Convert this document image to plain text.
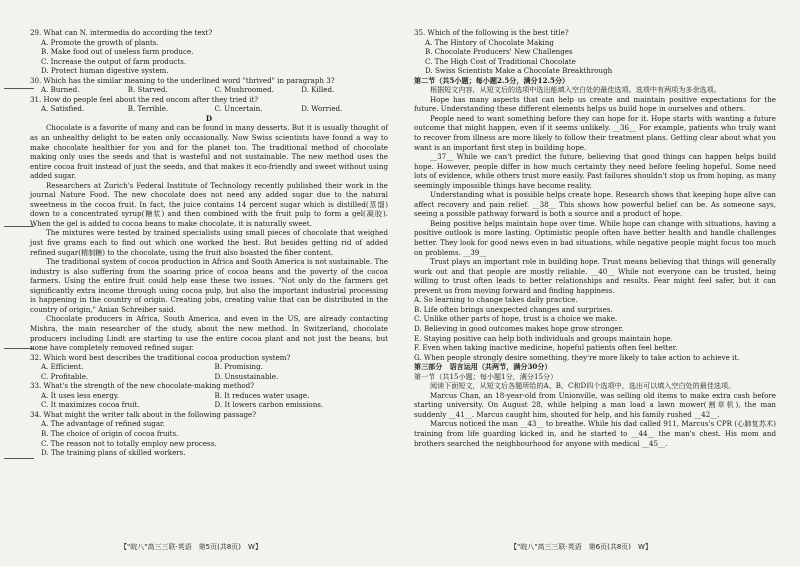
29. What can N. intermedia do according the text?

A. Promote the growth of plants.

B. Make food out of useless farm produce.

C. Increase the output of farm products.

D. Protect human digestive system.

30. Which has the similar meaning to the underlined word "thrived" in paragraph 3?

A. Burned.	B. Starved.	C. Mushroomed.	D. Killed.

31. How do people feel about the red oncom after they tried it?

A. Satisfied.	B. Terrible.	C. Uncertain.	D. Worried.

D

Chocolate is a favorite of many and can be found in many desserts. But it is usually thought of as an unhealthy delight to be eaten only occasionally. Now Swiss scientists have found a way to make chocolate healthier for you and for the planet too. The traditional method of chocolate making only uses the seeds and that is wasteful and not sustainable. The new method uses the entire cocoa fruit instead of just the seeds, and that makes it eco-friendly and sweet without using added sugar.

Researchers at Zurich's Federal Institute of Technology recently published their work in the journal Nature Food. The new chocolate does not need any added sugar due to the natural sweetness in the cocoa fruit. In fact, the juice contains 14 percent sugar which is distilled(蒸馏) down to a concentrated syrup(糖浆) and then combined with the fruit pulp to form a gel(凝胶). When the gel is added to cocoa beans to make chocolate, it is naturally sweet.

The mixtures were tested by trained specialists using small pieces of chocolate that weighed just five grams each to find out which one worked the best. But besides getting rid of added refined sugar(精制糖) to the chocolate, using the fruit also boasted the fiber content.

The traditional system of cocoa production in Africa and South America is not sustainable. The industry is also suffering from the soaring price of cocoa beans and the poverty of the cocoa farmers. Using the entire fruit could help ease these two issues. "Not only do the farmers get significantly extra income through using cocoa pulp, but also the important industrial processing is happening in the country of origin. Creating jobs, creating value that can be distributed in the country of origin," Anian Schreiber said.

Chocolate producers in Africa, South America, and even in the US, are already contacting Mishra, the main researcher of the study, about the new method. In Switzerland, chocolate producers including Lindt are starting to use the entire cocoa plant and not just the beans, but none have completely removed refined sugar.

32. Which word best describes the traditional cocoa production system?

A. Efficient.	B. Promising.
C. Profitable.	D. Unsustainable.

33. What's the strength of the new chocolate-making method?

A. It uses less energy.	B. It reduces water usage.
C. It maximizes cocoa fruit.	D. It lowers carbon emissions.

34. What might the writer talk about in the following passage?

A. The advantage of refined sugar.

B. The choice of origin of cocoa fruits.

C. The reason not to totally employ new process.

D. The training plans of skilled workers.

35. Which of the following is the best title?

A. The History of Chocolate Making

B. Chocolate Producers' New Challenges

C. The High Cost of Traditional Chocolate

D. Swiss Scientists Make a Chocolate Breakthrough

第二节（共5小题；每小题2.5分，满分12.5分）

根据短文内容，从短文后的选项中选出能填入空白处的最佳选项。选项中有两项为多余选项。

Hope has many aspects that can help us create and maintain positive expectations for the future. Understanding these different elements helps us build hope in ourselves and others.

People need to want something before they can hope for it. Hope starts with wanting a future outcome that might happen, even if it seems unlikely. __36__ For example, patients who truly want to recover from illness are more likely to follow their treatment plans. Getting clear about what you want is an important first step in building hope.

__37__ While we can't predict the future, believing that good things can happen helps build hope. However, people differ in how much certainty they need before feeling hopeful. Some need lots of evidence, while others trust more easily. Past failures shouldn't stop us from hoping, as many seemingly impossible things have become reality.

Understanding what is possible helps create hope. Research shows that keeping hope alive can affect recovery and pain relief. __38__ This shows how powerful belief can be. As someone says, seeing a possible pathway forward is both a source and a product of hope.

Being positive helps maintain hope over time. While hope can change with situations, having a positive outlook is more lasting. Optimistic people often have better health and handle challenges better. They look for good news even in bad situations, while negative people might focus too much on problems. __39__

Trust plays an important role in building hope. Trust means believing that things will generally work out and that people are mostly reliable. __40__ While not everyone can be trusted, being willing to trust often leads to better relationships and results. Fear might feel safer, but it can prevent us from moving forward and finding happiness.

A. So learning to change takes daily practice.

B. Life often brings unexpected changes and surprises.

C. Unlike other parts of hope, trust is a choice we make.

D. Believing in good outcomes makes hope grow stronger.

E. Staying positive can help both individuals and groups maintain hope.

F. Even when taking inactive medicine, hopeful patients often feel better.

G. When people strongly desire something, they're more likely to take action to achieve it.

第三部分　语言运用（共两节，满分30分）

第一节（共15小题；每小题1分，满分15分）

阅读下面短文，从短文后各题所给的A、B、C和D四个选项中，选出可以填入空白处的最佳选项。

Marcus Chan, an 18-year-old from Unionville, was selling old items to make extra cash before starting university. On August 28, while helping a man load a lawn mower(割草机), the man suddenly __41__. Marcus caught him, shouted for help, and his family rushed __42__.

Marcus noticed the man __43__ to breathe. While his dad called 911, Marcus's CPR (心肺复苏术) training from life guarding kicked in, and he started to __44__ the man's chest. His mom and brothers searched the neighbourhood for anyone with medical __45__.

【"皖八"高三三联·英语　第5页(共8页)　W】	【"皖八"高三三联·英语　第6页(共8页)　W】
